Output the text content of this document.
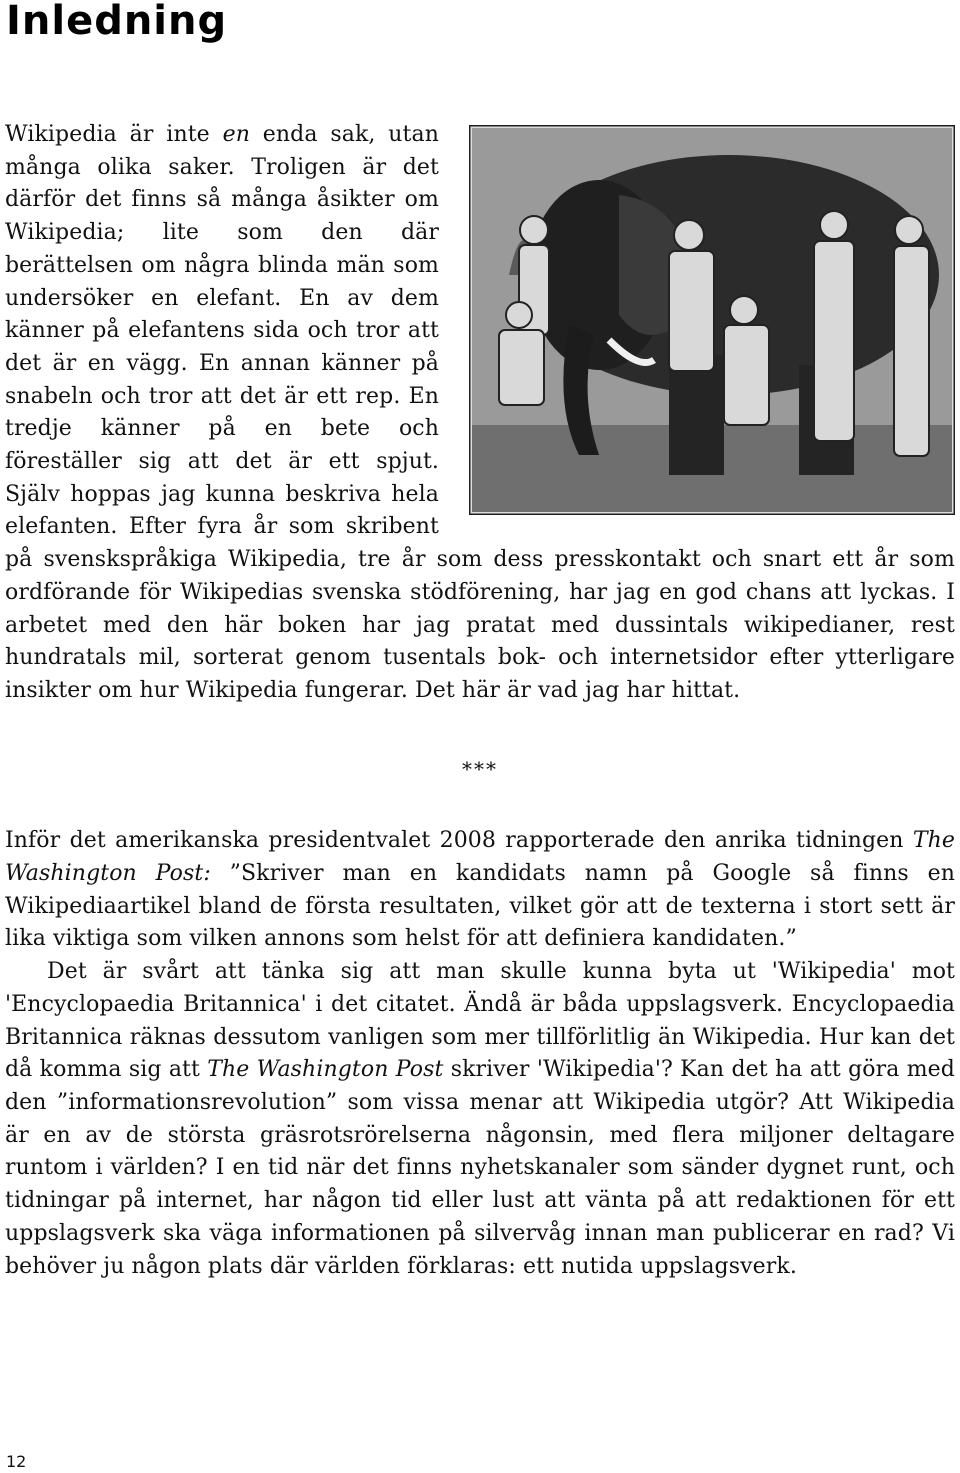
Inledning

Wikipedia är inte en enda sak, utan många olika saker. Troligen är det därför det finns så många åsikter om Wikipedia; lite som den där berättelsen om några blinda män som undersöker en elefant. En av dem känner på elefantens sida och tror att det är en vägg. En annan känner på snabeln och tror att det är ett rep. En tredje känner på en bete och föreställer sig att det är ett spjut. Själv hoppas jag kunna beskriva hela elefanten. Efter fyra år som skribent på svenskspråkiga Wikipedia, tre år som dess presskontakt och snart ett år som ordförande för Wikipedias svenska stödförening, har jag en god chans att lyckas. I arbetet med den här boken har jag pratat med dussintals wikipedianer, rest hundratals mil, sorterat genom tusentals bok- och internetsidor efter ytterligare insikter om hur Wikipedia fungerar. Det här är vad jag har hittat.

***

Inför det amerikanska presidentvalet 2008 rapporterade den anrika tidningen The Washington Post: ”Skriver man en kandidats namn på Google så finns en Wikipediaartikel bland de första resultaten, vilket gör att de texterna i stort sett är lika viktiga som vilken annons som helst för att definiera kandidaten.”

Det är svårt att tänka sig att man skulle kunna byta ut 'Wikipedia' mot 'Encyclopaedia Britannica' i det citatet. Ändå är båda uppslagsverk. Encyclopaedia Britannica räknas dessutom vanligen som mer tillförlitlig än Wikipedia. Hur kan det då komma sig att The Washington Post skriver 'Wikipedia'? Kan det ha att göra med den ”informationsrevolution” som vissa menar att Wikipedia utgör? Att Wikipedia är en av de största gräsrotsrörelserna någonsin, med flera miljoner deltagare runtom i världen? I en tid när det finns nyhetskanaler som sänder dygnet runt, och tidningar på internet, har någon tid eller lust att vänta på att redaktionen för ett uppslagsverk ska väga informationen på silvervåg innan man publicerar en rad? Vi behöver ju någon plats där världen förklaras: ett nutida uppslagsverk.

12
